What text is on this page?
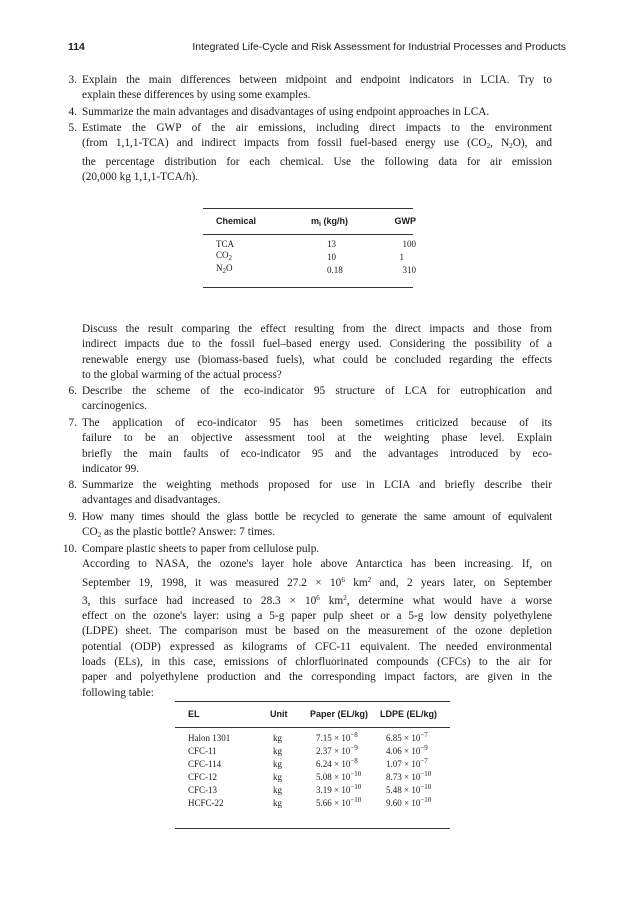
114	Integrated Life-Cycle and Risk Assessment for Industrial Processes and Products
3. Explain the main differences between midpoint and endpoint indicators in LCIA. Try to
explain these differences by using some examples.
4. Summarize the main advantages and disadvantages of using endpoint approaches in LCA.
5. Estimate the GWP of the air emissions, including direct impacts to the environment
(from 1,1,1-TCA) and indirect impacts from fossil fuel-based energy use ($CO_2$, $N_2O$), and
the percentage distribution for each chemical. Use the following data for air emission
(20,000 kg 1,1,1-TCA/h).
Chemical	$m_i$ (kg/h)	GWP
TCA	13	100
$CO_2$	10	1
$N_2O$	0.18	310
Discuss the result comparing the effect resulting from the direct impacts and those from
indirect impacts due to the fossil fuel–based energy used. Considering the possibility of a
renewable energy use (biomass-based fuels), what could be concluded regarding the effects
to the global warming of the actual process?
6. Describe the scheme of the eco-indicator 95 structure of LCA for eutrophication and
carcinogenics.
7. The application of eco-indicator 95 has been sometimes criticized because of its
failure to be an objective assessment tool at the weighting phase level. Explain
briefly the main faults of eco-indicator 95 and the advantages introduced by eco-
indicator 99.
8. Summarize the weighting methods proposed for use in LCIA and briefly describe their
advantages and disadvantages.
9. How many times should the glass bottle be recycled to generate the same amount of equivalent
$CO_2$ as the plastic bottle? Answer: 7 times.
10. Compare plastic sheets to paper from cellulose pulp.
According to NASA, the ozone's layer hole above Antarctica has been increasing. If, on
September 19, 1998, it was measured $27.2 \times 10^6$ $km^2$ and, 2 years later, on September
3, this surface had increased to $28.3 \times 10^6$ $km^2$, determine what would have a worse
effect on the ozone's layer: using a 5-g paper pulp sheet or a 5-g low density polyethylene
(LDPE) sheet. The comparison must be based on the measurement of the ozone depletion
potential (ODP) expressed as kilograms of CFC-11 equivalent. The needed environmental
loads (ELs), in this case, emissions of chlorfluorinated compounds (CFCs) to the air for
paper and polyethylene production and the corresponding impact factors, are given in the
following table:
EL	Unit	Paper (EL/kg)	LDPE (EL/kg)
Halon 1301	kg	$7.15 \times 10^{-8}$	$6.85 \times 10^{-7}$
CFC-11	kg	$2.37 \times 10^{-9}$	$4.06 \times 10^{-9}$
CFC-114	kg	$6.24 \times 10^{-8}$	$1.07 \times 10^{-7}$
CFC-12	kg	$5.08 \times 10^{-10}$	$8.73 \times 10^{-10}$
CFC-13	kg	$3.19 \times 10^{-10}$	$5.48 \times 10^{-10}$
HCFC-22	kg	$5.66 \times 10^{-10}$	$9.60 \times 10^{-10}$
